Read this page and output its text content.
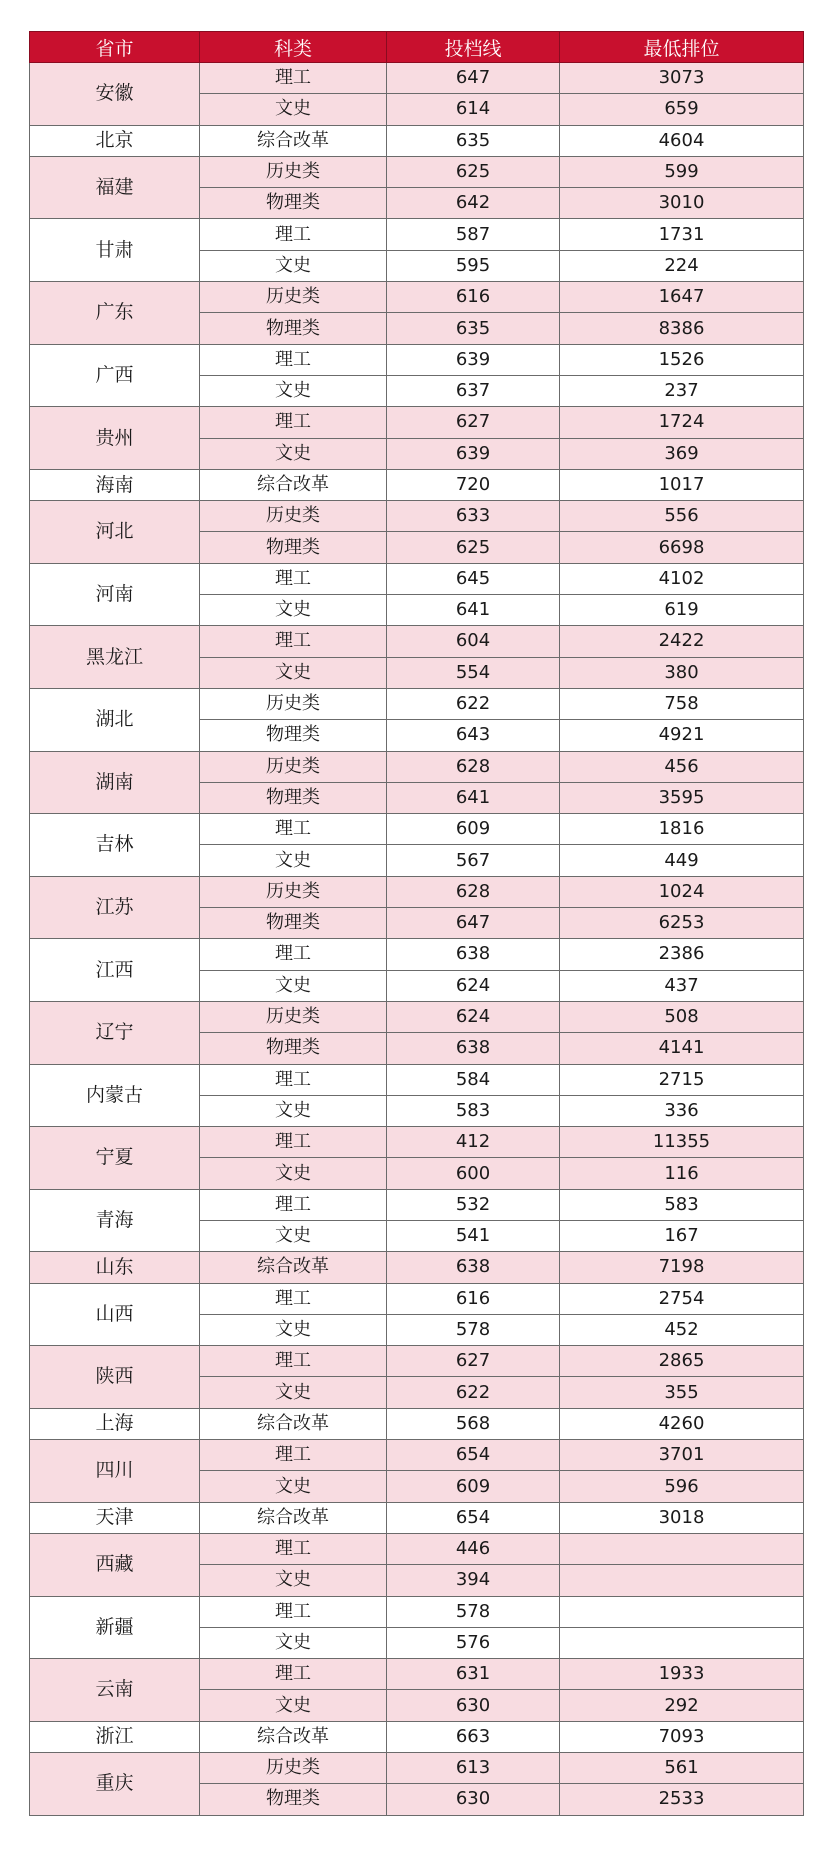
省市	科类	投档线	最低排位
安徽	理工	647	3073
	文史	614	659
北京	综合改革	635	4604
福建	历史类	625	599
	物理类	642	3010
甘肃	理工	587	1731
	文史	595	224
广东	历史类	616	1647
	物理类	635	8386
广西	理工	639	1526
	文史	637	237
贵州	理工	627	1724
	文史	639	369
海南	综合改革	720	1017
河北	历史类	633	556
	物理类	625	6698
河南	理工	645	4102
	文史	641	619
黑龙江	理工	604	2422
	文史	554	380
湖北	历史类	622	758
	物理类	643	4921
湖南	历史类	628	456
	物理类	641	3595
吉林	理工	609	1816
	文史	567	449
江苏	历史类	628	1024
	物理类	647	6253
江西	理工	638	2386
	文史	624	437
辽宁	历史类	624	508
	物理类	638	4141
内蒙古	理工	584	2715
	文史	583	336
宁夏	理工	412	11355
	文史	600	116
青海	理工	532	583
	文史	541	167
山东	综合改革	638	7198
山西	理工	616	2754
	文史	578	452
陕西	理工	627	2865
	文史	622	355
上海	综合改革	568	4260
四川	理工	654	3701
	文史	609	596
天津	综合改革	654	3018
西藏	理工	446	
	文史	394	
新疆	理工	578	
	文史	576	
云南	理工	631	1933
	文史	630	292
浙江	综合改革	663	7093
重庆	历史类	613	561
	物理类	630	2533
